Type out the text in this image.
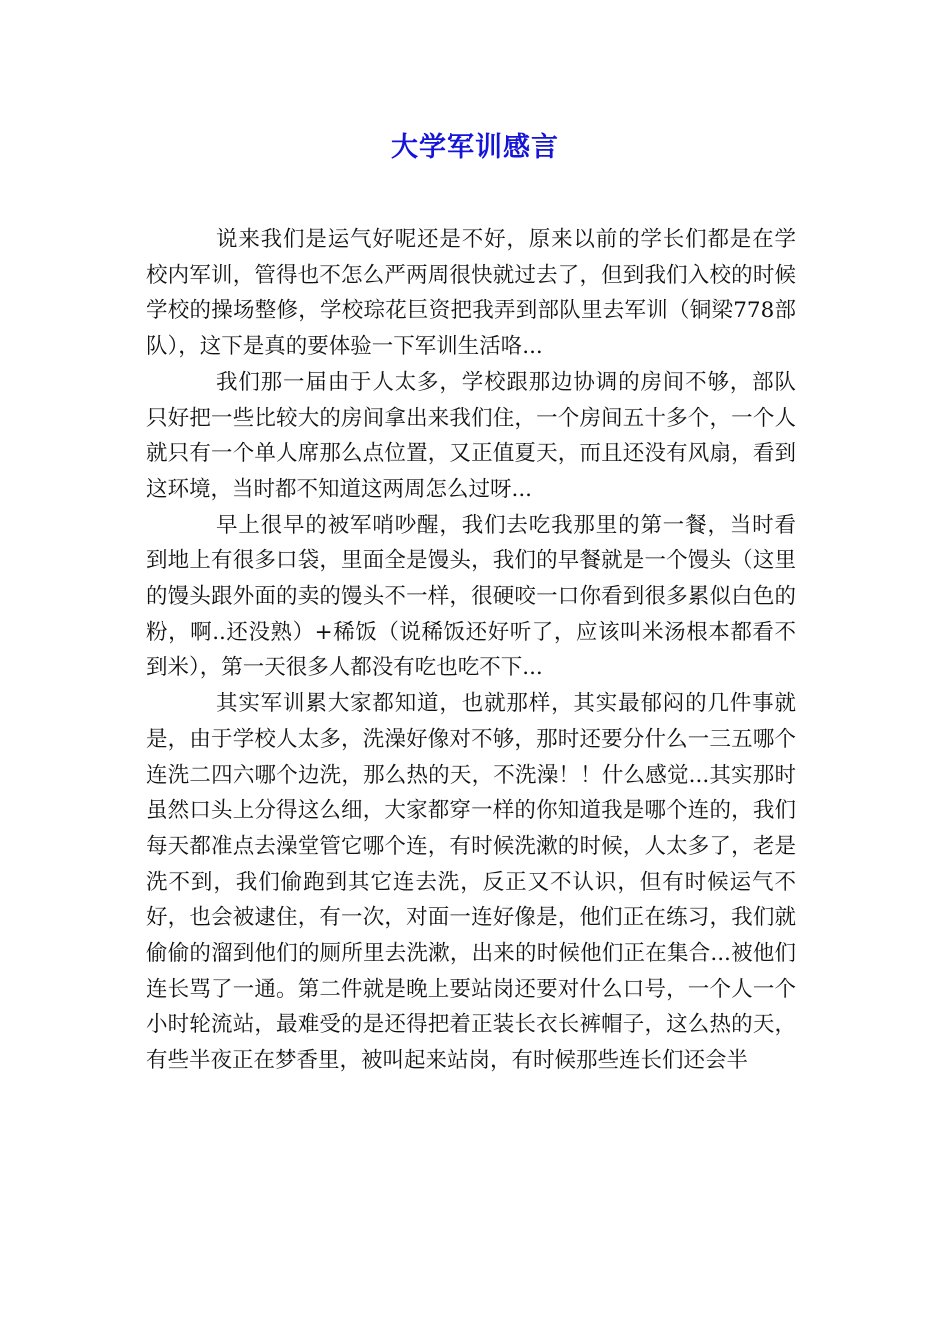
大学军训感言

说来我们是运气好呢还是不好，原来以前的学长们都是在学校内军训，管得也不怎么严两周很快就过去了，但到我们入校的时候学校的操场整修，学校琮花巨资把我弄到部队里去军训（铜梁778部队），这下是真的要体验一下军训生活咯...

我们那一届由于人太多，学校跟那边协调的房间不够，部队只好把一些比较大的房间拿出来我们住，一个房间五十多个，一个人就只有一个单人席那么点位置，又正值夏天，而且还没有风扇，看到这环境，当时都不知道这两周怎么过呀...

早上很早的被军哨吵醒，我们去吃我那里的第一餐，当时看到地上有很多口袋，里面全是馒头，我们的早餐就是一个馒头（这里的馒头跟外面的卖的馒头不一样，很硬咬一口你看到很多累似白色的粉，啊..还没熟）+稀饭（说稀饭还好听了，应该叫米汤根本都看不到米），第一天很多人都没有吃也吃不下...

其实军训累大家都知道，也就那样，其实最郁闷的几件事就是，由于学校人太多，洗澡好像对不够，那时还要分什么一三五哪个连洗二四六哪个边洗，那么热的天，不洗澡！！什么感觉...其实那时虽然口头上分得这么细，大家都穿一样的你知道我是哪个连的，我们每天都准点去澡堂管它哪个连，有时候洗漱的时候，人太多了，老是洗不到，我们偷跑到其它连去洗，反正又不认识，但有时候运气不好，也会被逮住，有一次，对面一连好像是，他们正在练习，我们就偷偷的溜到他们的厕所里去洗漱，出来的时候他们正在集合...被他们连长骂了一通。第二件就是晚上要站岗还要对什么口号，一个人一个小时轮流站，最难受的是还得把着正装长衣长裤帽子，这么热的天，有些半夜正在梦香里，被叫起来站岗，有时候那些连长们还会半
